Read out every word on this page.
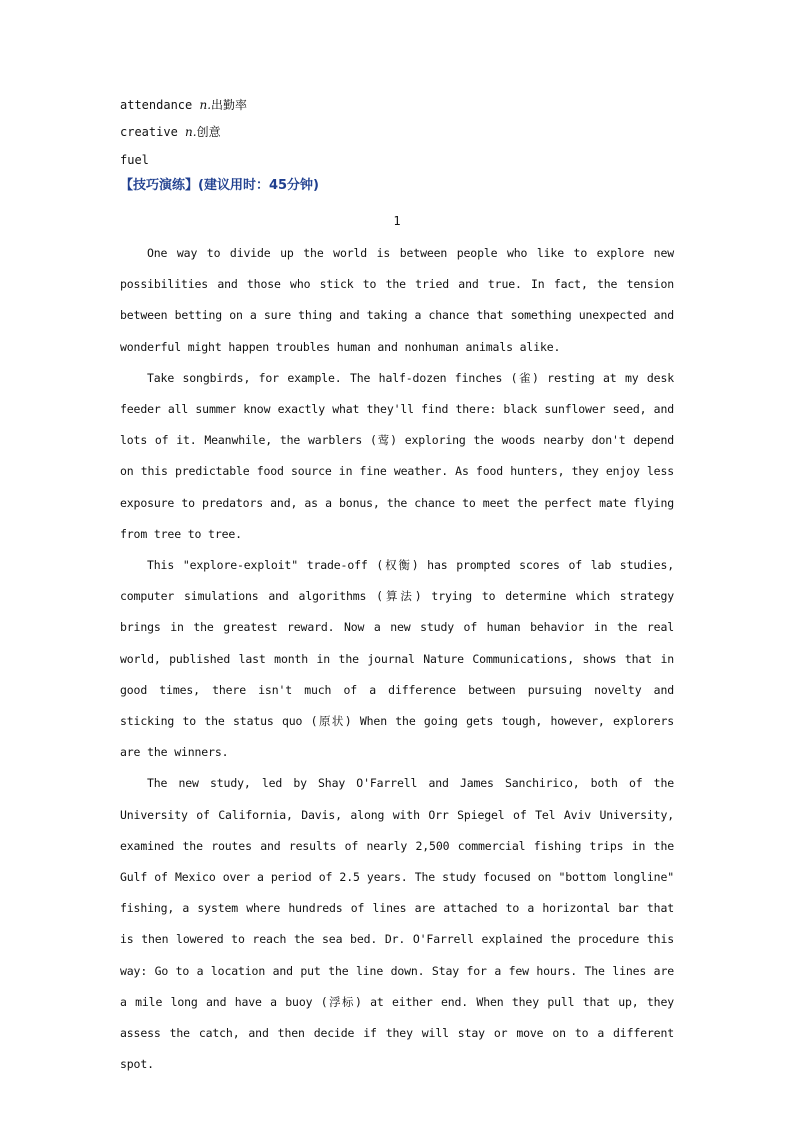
attendance n.出勤率
creative n.创意
fuel
【技巧演练】(建议用时：45分钟)
1

One way to divide up the world is between people who like to explore new possibilities and those who stick to the tried and true. In fact, the tension between betting on a sure thing and taking a chance that something unexpected and wonderful might happen troubles human and nonhuman animals alike.

Take songbirds, for example. The half-dozen finches (雀) resting at my desk feeder all summer know exactly what they'll find there: black sunflower seed, and lots of it. Meanwhile, the warblers (莺) exploring the woods nearby don't depend on this predictable food source in fine weather. As food hunters, they enjoy less exposure to predators and, as a bonus, the chance to meet the perfect mate flying from tree to tree.

This "explore-exploit" trade-off (权衡) has prompted scores of lab studies, computer simulations and algorithms (算法) trying to determine which strategy brings in the greatest reward. Now a new study of human behavior in the real world, published last month in the journal Nature Communications, shows that in good times, there isn't much of a difference between pursuing novelty and sticking to the status quo (原状) When the going gets tough, however, explorers are the winners.

The new study, led by Shay O'Farrell and James Sanchirico, both of the University of California, Davis, along with Orr Spiegel of Tel Aviv University, examined the routes and results of nearly 2,500 commercial fishing trips in the Gulf of Mexico over a period of 2.5 years. The study focused on "bottom longline" fishing, a system where hundreds of lines are attached to a horizontal bar that is then lowered to reach the sea bed. Dr. O'Farrell explained the procedure this way: Go to a location and put the line down. Stay for a few hours. The lines are a mile long and have a buoy (浮标) at either end. When they pull that up, they assess the catch, and then decide if they will stay or move on to a different spot.
